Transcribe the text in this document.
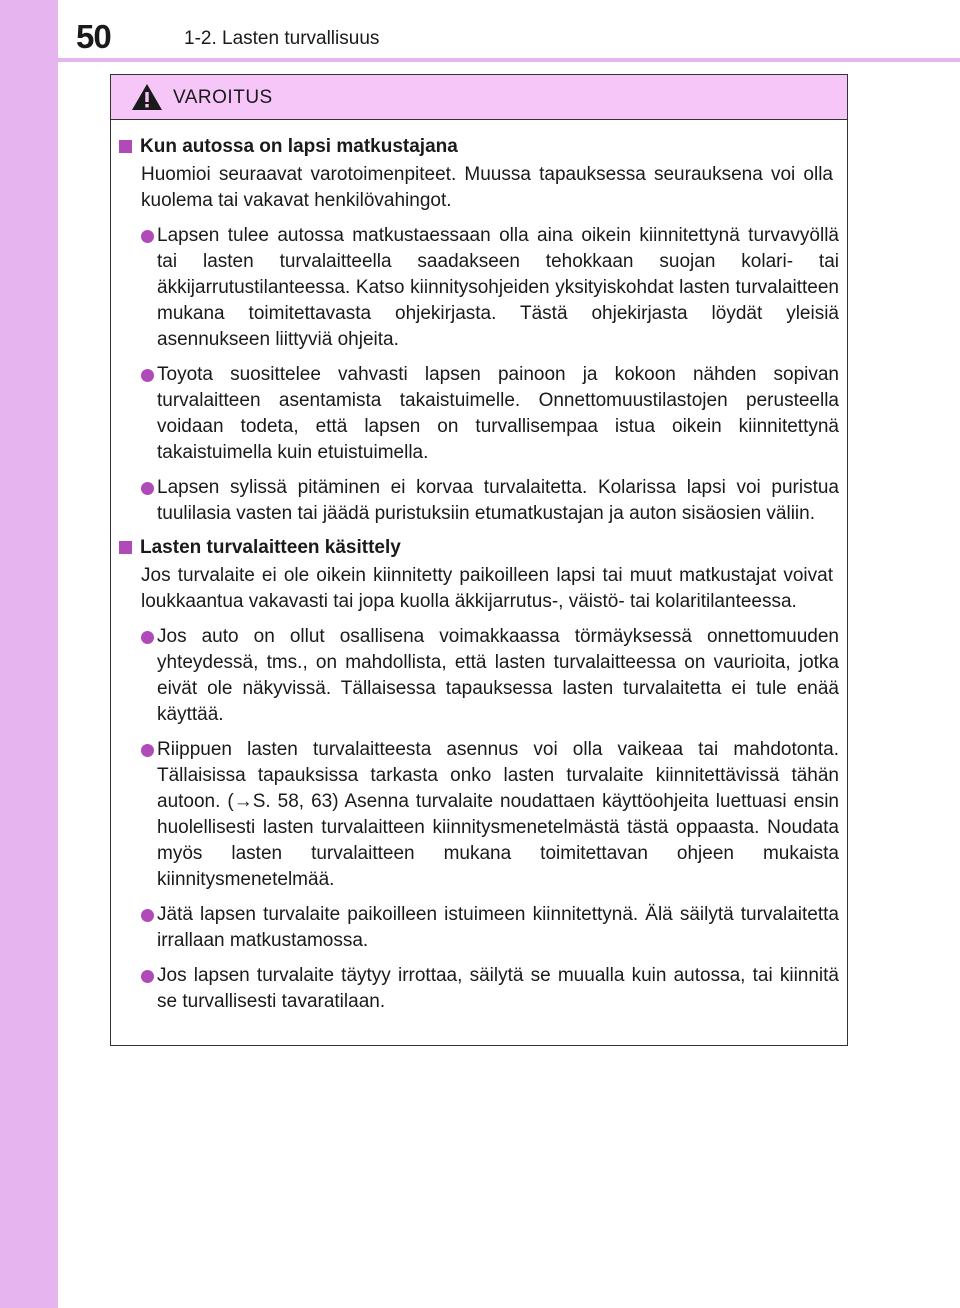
50	1-2. Lasten turvallisuus
VAROITUS
Kun autossa on lapsi matkustajana
Huomioi seuraavat varotoimenpiteet. Muussa tapauksessa seurauksena voi olla kuolema tai vakavat henkilövahingot.
Lapsen tulee autossa matkustaessaan olla aina oikein kiinnitettynä turvavyöllä tai lasten turvalaitteella saadakseen tehokkaan suojan kolari- tai äkkijarrutustilanteessa. Katso kiinnitysohjeiden yksityiskohdat lasten turvalaitteen mukana toimitettavasta ohjekirjasta. Tästä ohjekirjasta löydät yleisiä asennukseen liittyviä ohjeita.
Toyota suosittelee vahvasti lapsen painoon ja kokoon nähden sopivan turvalaitteen asentamista takaistuimelle. Onnettomuustilastojen perusteella voidaan todeta, että lapsen on turvallisempaa istua oikein kiinnitettynä takaistuimella kuin etuistuimella.
Lapsen sylissä pitäminen ei korvaa turvalaitetta. Kolarissa lapsi voi puristua tuulilasia vasten tai jäädä puristuksiin etumatkustajan ja auton sisäosien väliin.
Lasten turvalaitteen käsittely
Jos turvalaite ei ole oikein kiinnitetty paikoilleen lapsi tai muut matkustajat voivat loukkaantua vakavasti tai jopa kuolla äkkijarrutus-, väistö- tai kolaritilanteessa.
Jos auto on ollut osallisena voimakkaassa törmäyksessä onnettomuuden yhteydessä, tms., on mahdollista, että lasten turvalaitteessa on vaurioita, jotka eivät ole näkyvissä. Tällaisessa tapauksessa lasten turvalaitetta ei tule enää käyttää.
Riippuen lasten turvalaitteesta asennus voi olla vaikeaa tai mahdotonta. Tällaisissa tapauksissa tarkasta onko lasten turvalaite kiinnitettävissä tähän autoon. (→S. 58, 63) Asenna turvalaite noudattaen käyttöohjeita luettuasi ensin huolellisesti lasten turvalaitteen kiinnitysmenetelmästä tästä oppaasta. Noudata myös lasten turvalaitteen mukana toimitettavan ohjeen mukaista kiinnitysmenetelmää.
Jätä lapsen turvalaite paikoilleen istuimeen kiinnitettynä. Älä säilytä turvalaitetta irrallaan matkustamossa.
Jos lapsen turvalaite täytyy irrottaa, säilytä se muualla kuin autossa, tai kiinnitä se turvallisesti tavaratilaan.
